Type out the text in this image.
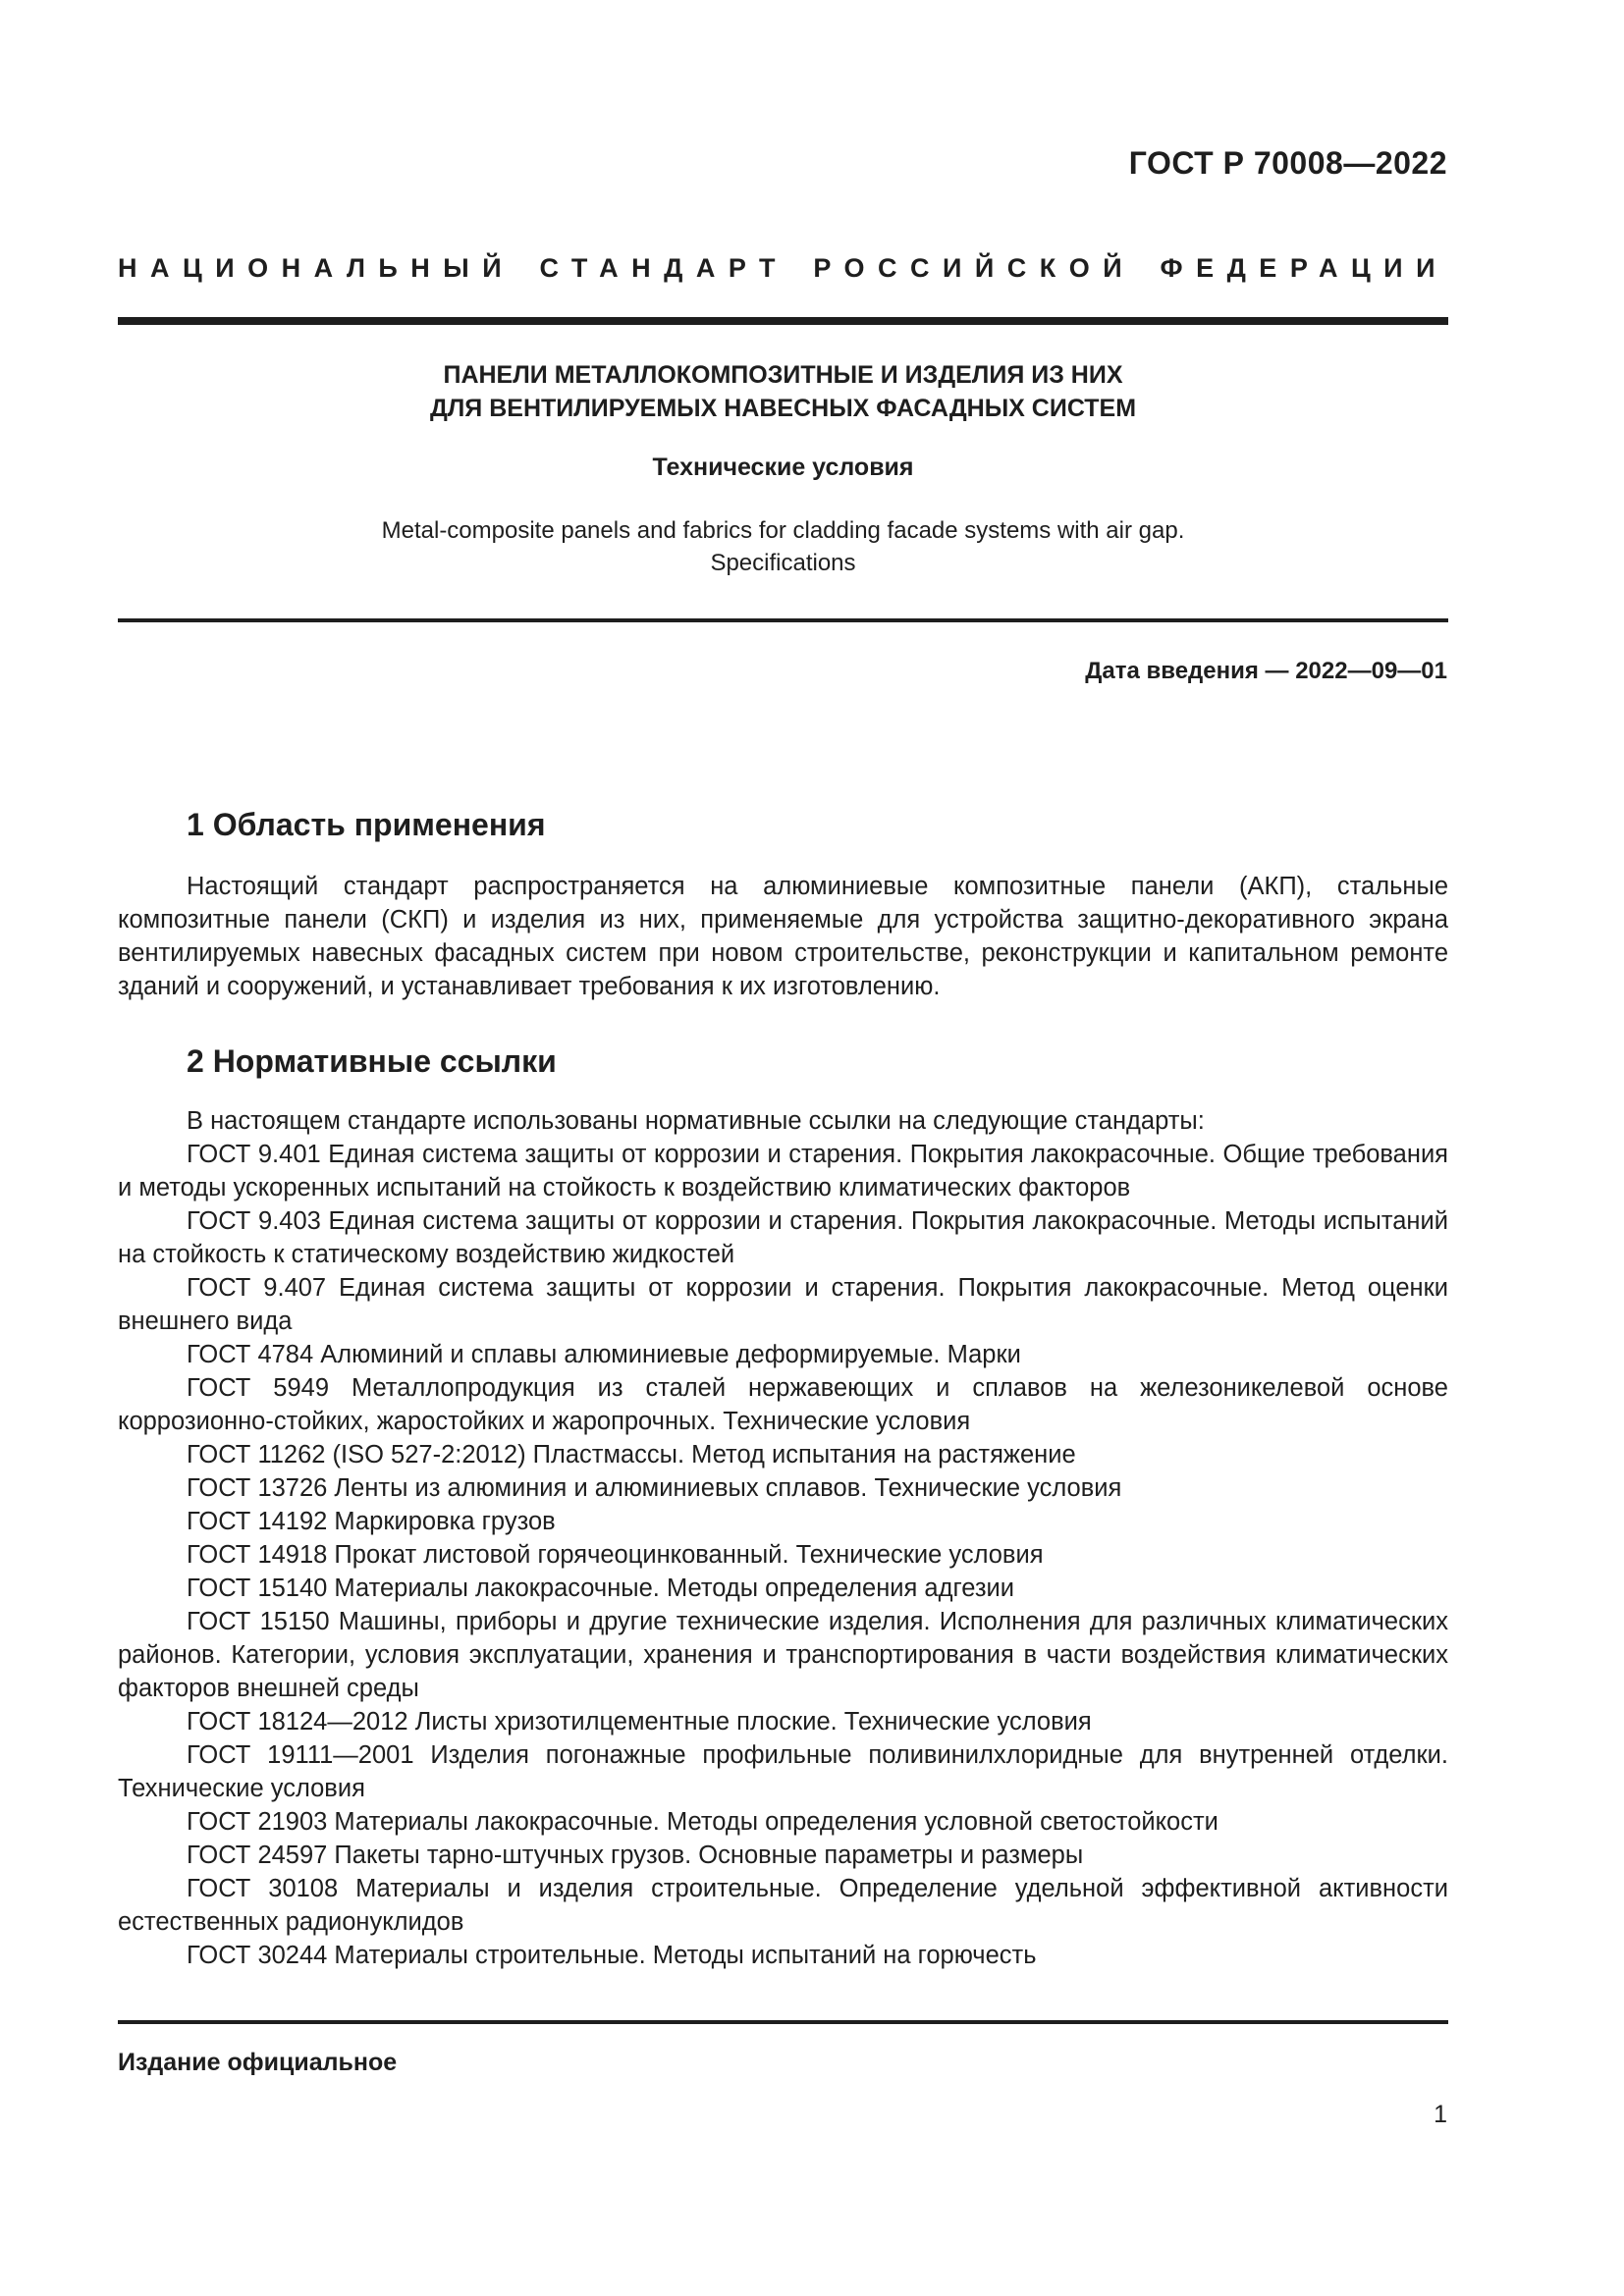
ГОСТ Р 70008—2022
НАЦИОНАЛЬНЫЙ СТАНДАРТ РОССИЙСКОЙ ФЕДЕРАЦИИ
ПАНЕЛИ МЕТАЛЛОКОМПОЗИТНЫЕ И ИЗДЕЛИЯ ИЗ НИХ
ДЛЯ ВЕНТИЛИРУЕМЫХ НАВЕСНЫХ ФАСАДНЫХ СИСТЕМ
Технические условия
Metal-composite panels and fabrics for cladding facade systems with air gap.
Specifications
Дата введения — 2022—09—01
1 Область применения

Настоящий стандарт распространяется на алюминиевые композитные панели (АКП), стальные композитные панели (СКП) и изделия из них, применяемые для устройства защитно-декоративного экрана вентилируемых навесных фасадных систем при новом строительстве, реконструкции и капитальном ремонте зданий и сооружений, и устанавливает требования к их изготовлению.

2 Нормативные ссылки

В настоящем стандарте использованы нормативные ссылки на следующие стандарты:

ГОСТ 9.401 Единая система защиты от коррозии и старения. Покрытия лакокрасочные. Общие требования и методы ускоренных испытаний на стойкость к воздействию климатических факторов

ГОСТ 9.403 Единая система защиты от коррозии и старения. Покрытия лакокрасочные. Методы испытаний на стойкость к статическому воздействию жидкостей

ГОСТ 9.407 Единая система защиты от коррозии и старения. Покрытия лакокрасочные. Метод оценки внешнего вида

ГОСТ 4784 Алюминий и сплавы алюминиевые деформируемые. Марки

ГОСТ 5949 Металлопродукция из сталей нержавеющих и сплавов на железоникелевой основе коррозионно-стойких, жаростойких и жаропрочных. Технические условия

ГОСТ 11262 (ISO 527-2:2012) Пластмассы. Метод испытания на растяжение

ГОСТ 13726 Ленты из алюминия и алюминиевых сплавов. Технические условия

ГОСТ 14192 Маркировка грузов

ГОСТ 14918 Прокат листовой горячеоцинкованный. Технические условия

ГОСТ 15140 Материалы лакокрасочные. Методы определения адгезии

ГОСТ 15150 Машины, приборы и другие технические изделия. Исполнения для различных климатических районов. Категории, условия эксплуатации, хранения и транспортирования в части воздействия климатических факторов внешней среды

ГОСТ 18124—2012 Листы хризотилцементные плоские. Технические условия

ГОСТ 19111—2001 Изделия погонажные профильные поливинилхлоридные для внутренней отделки. Технические условия

ГОСТ 21903 Материалы лакокрасочные. Методы определения условной светостойкости

ГОСТ 24597 Пакеты тарно-штучных грузов. Основные параметры и размеры

ГОСТ 30108 Материалы и изделия строительные. Определение удельной эффективной активности естественных радионуклидов

ГОСТ 30244 Материалы строительные. Методы испытаний на горючесть

Издание официальное
1
